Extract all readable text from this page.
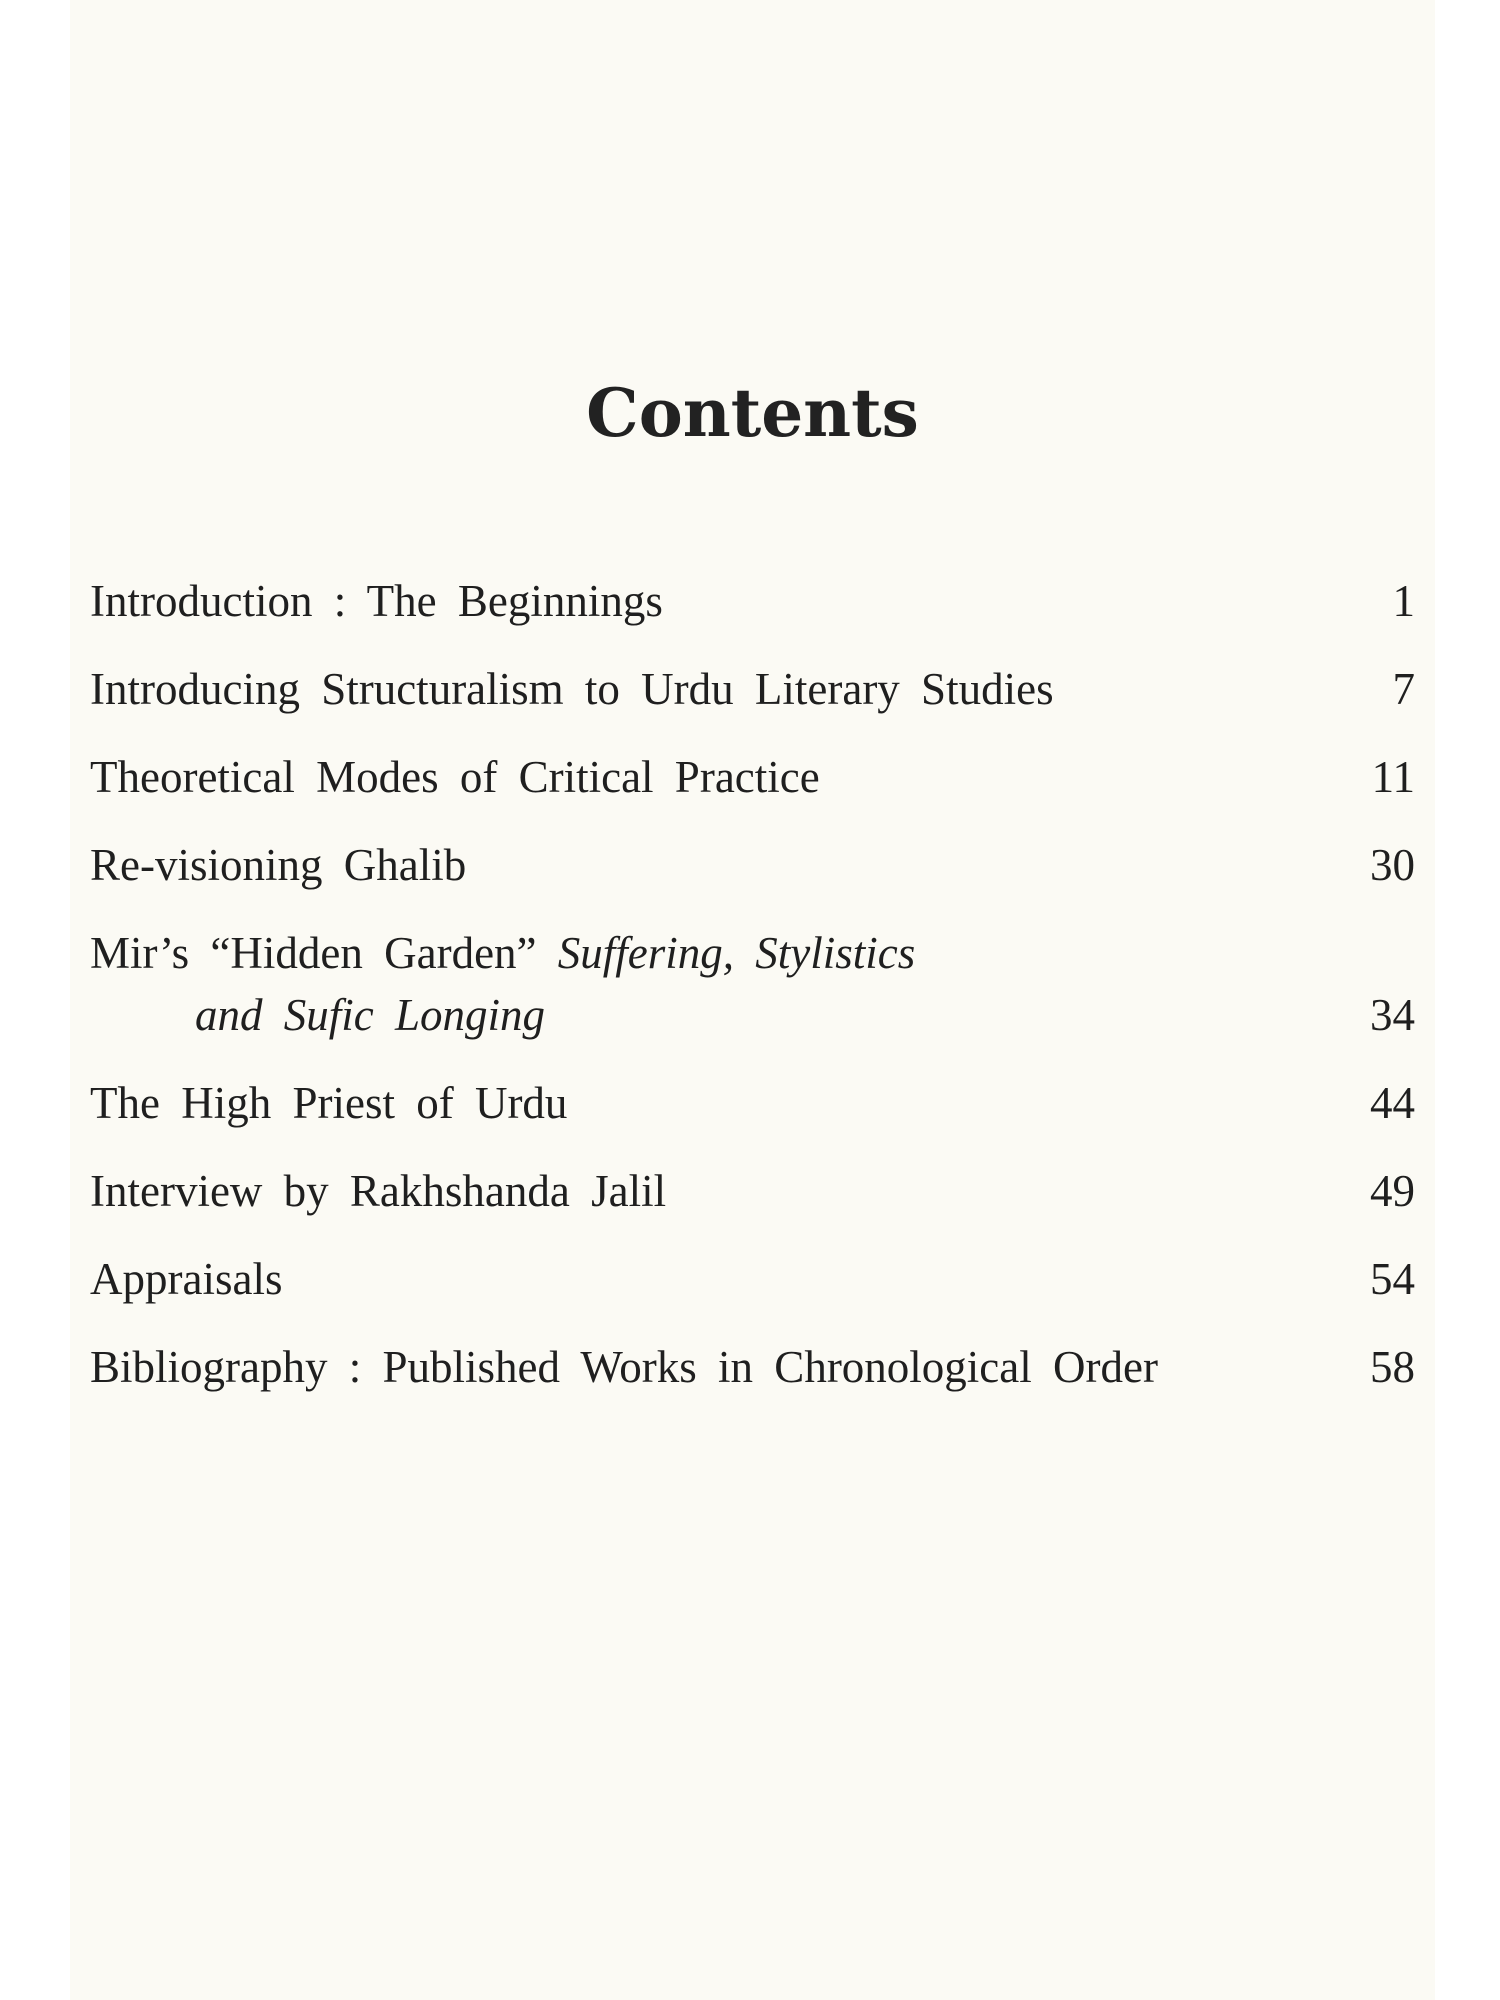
Contents
Introduction : The Beginnings	1
Introducing Structuralism to Urdu Literary Studies	7
Theoretical Modes of Critical Practice	11
Re-visioning Ghalib	30
Mir’s “Hidden Garden” Suffering, Stylistics
and Sufic Longing	34
The High Priest of Urdu	44
Interview by Rakhshanda Jalil	49
Appraisals	54
Bibliography : Published Works in Chronological Order	58
